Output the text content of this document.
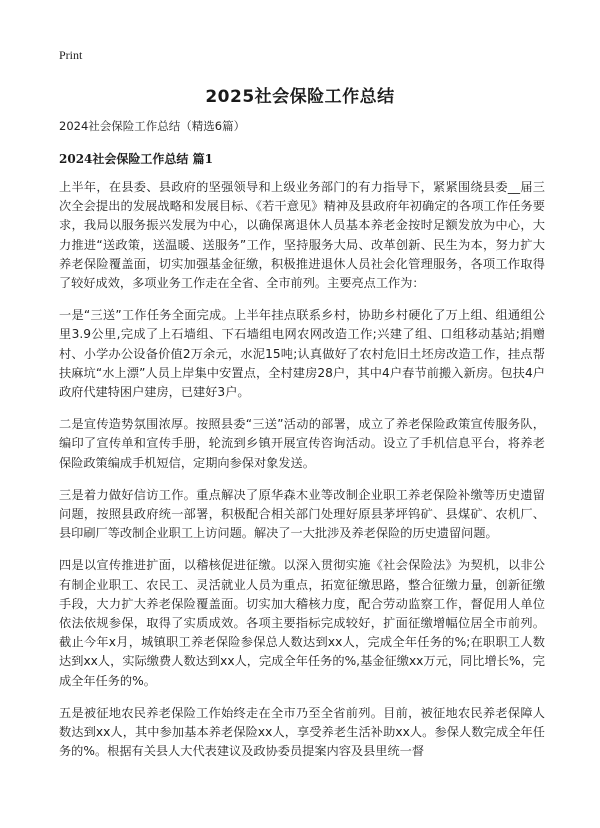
Print
2025社会保险工作总结
2024社会保险工作总结（精选6篇）
2024社会保险工作总结 篇1

上半年，在县委、县政府的坚强领导和上级业务部门的有力指导下，紧紧围绕县委__届三次全会提出的发展战略和发展目标、《若干意见》精神及县政府年初确定的各项工作任务要求，我局以服务振兴发展为中心，以确保离退休人员基本养老金按时足额发放为中心，大力推进“送政策，送温暖、送服务”工作，坚持服务大局、改革创新、民生为本，努力扩大养老保险覆盖面，切实加强基金征缴，积极推进退休人员社会化管理服务，各项工作取得了较好成效，多项业务工作走在全省、全市前列。主要亮点工作为：

一是“三送”工作任务全面完成。上半年挂点联系乡村，协助乡村硬化了万上组、组通组公里3.9公里,完成了上石墙组、下石墙组电网农网改造工作;兴建了组、口组移动基站;捐赠村、小学办公设备价值2万余元，水泥15吨;认真做好了农村危旧土坯房改造工作，挂点帮扶麻坑“水上漂”人员上岸集中安置点，全村建房28户，其中4户春节前搬入新房。包扶4户政府代建特困户建房，已建好3户。

二是宣传造势氛围浓厚。按照县委“三送”活动的部署，成立了养老保险政策宣传服务队，编印了宣传单和宣传手册，轮流到乡镇开展宣传咨询活动。设立了手机信息平台，将养老保险政策编成手机短信，定期向参保对象发送。

三是着力做好信访工作。重点解决了原华森木业等改制企业职工养老保险补缴等历史遗留问题，按照县政府统一部署，积极配合相关部门处理好原县茅坪钨矿、县煤矿、农机厂、县印刷厂等改制企业职工上访问题。解决了一大批涉及养老保险的历史遗留问题。

四是以宣传推进扩面，以稽核促进征缴。以深入贯彻实施《社会保险法》为契机，以非公有制企业职工、农民工、灵活就业人员为重点，拓宽征缴思路，整合征缴力量，创新征缴手段，大力扩大养老保险覆盖面。切实加大稽核力度，配合劳动监察工作，督促用人单位依法依规参保，取得了实质成效。各项主要指标完成较好，扩面征缴增幅位居全市前列。截止今年x月，城镇职工养老保险参保总人数达到xx人，完成全年任务的%;在职职工人数达到xx人，实际缴费人数达到xx人，完成全年任务的%,基金征缴xx万元，同比增长%，完成全年任务的%。

五是被征地农民养老保险工作始终走在全市乃至全省前列。目前，被征地农民养老保障人数达到xx人，其中参加基本养老保险xx人，享受养老生活补助xx人。参保人数完成全年任务的%。根据有关县人大代表建议及政协委员提案内容及县里统一督
